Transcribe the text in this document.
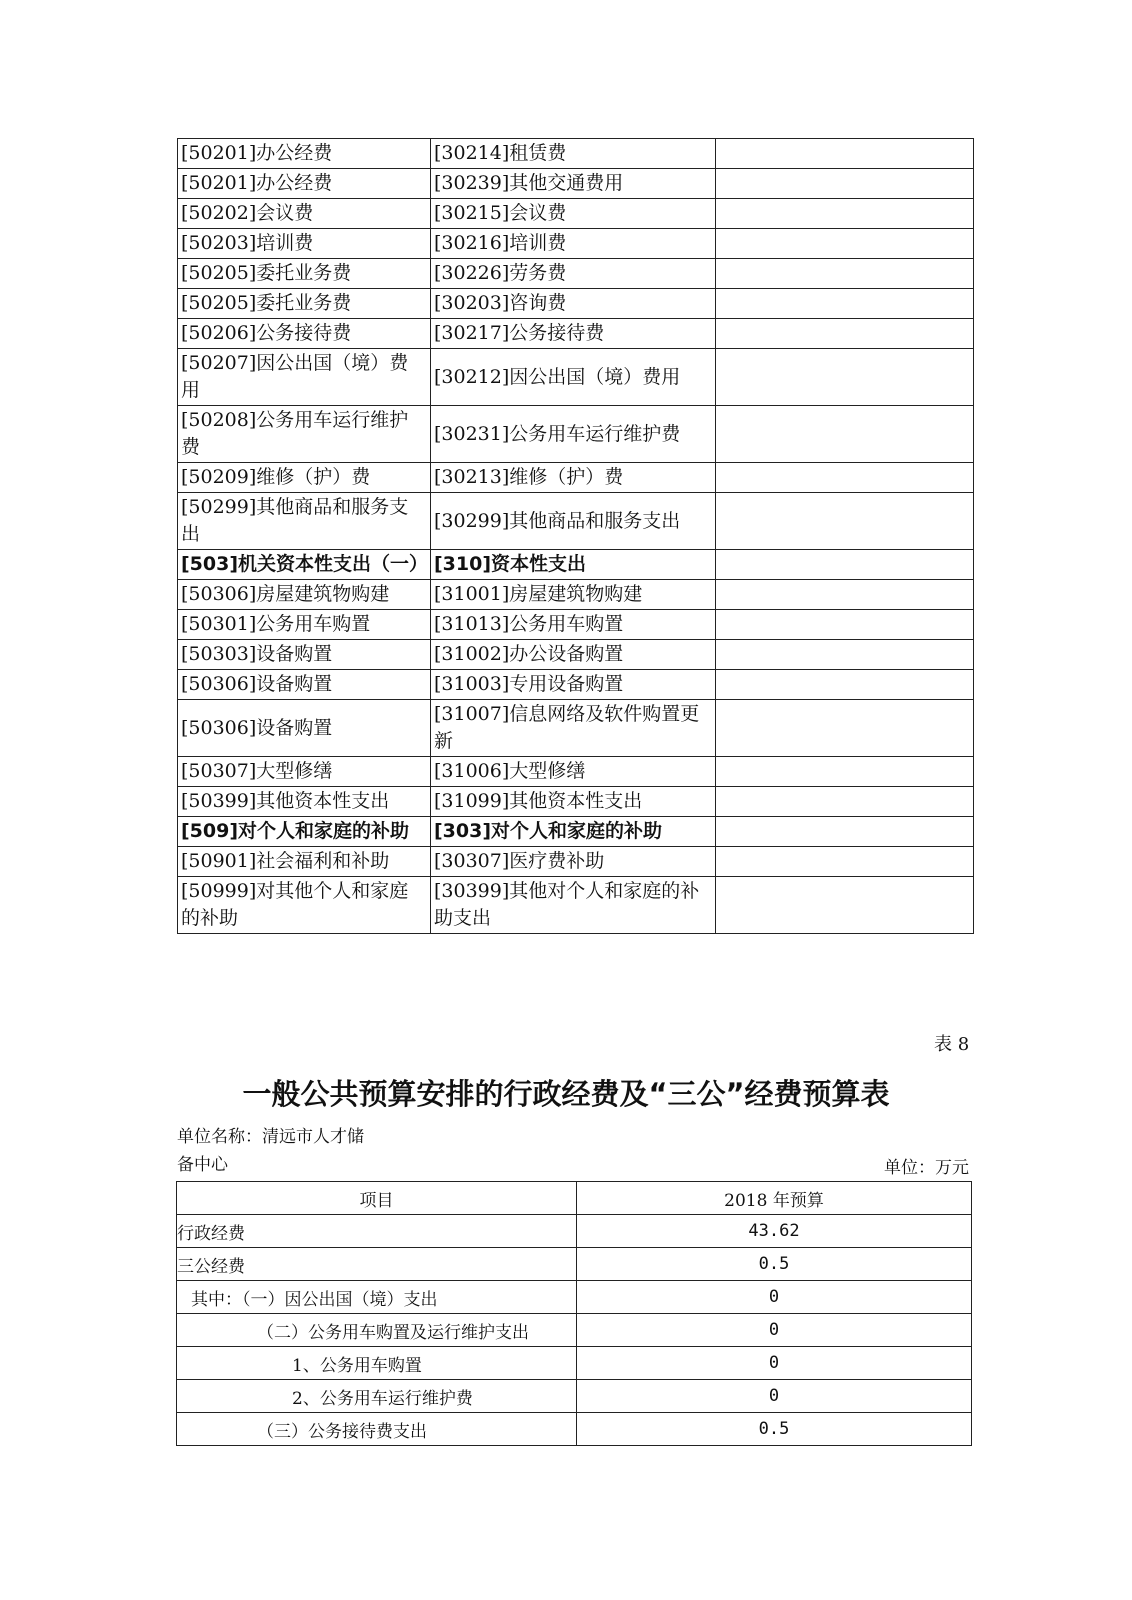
[50201]办公经费	[30214]租赁费	
[50201]办公经费	[30239]其他交通费用	
[50202]会议费	[30215]会议费	
[50203]培训费	[30216]培训费	
[50205]委托业务费	[30226]劳务费	
[50205]委托业务费	[30203]咨询费	
[50206]公务接待费	[30217]公务接待费	
[50207]因公出国（境）费用	[30212]因公出国（境）费用	
[50208]公务用车运行维护费	[30231]公务用车运行维护费	
[50209]维修（护）费	[30213]维修（护）费	
[50299]其他商品和服务支出	[30299]其他商品和服务支出	
[503]机关资本性支出（一）	[310]资本性支出	
[50306]房屋建筑物购建	[31001]房屋建筑物购建	
[50301]公务用车购置	[31013]公务用车购置	
[50303]设备购置	[31002]办公设备购置	
[50306]设备购置	[31003]专用设备购置	
[50306]设备购置	[31007]信息网络及软件购置更新	
[50307]大型修缮	[31006]大型修缮	
[50399]其他资本性支出	[31099]其他资本性支出	
[509]对个人和家庭的补助	[303]对个人和家庭的补助	
[50901]社会福利和补助	[30307]医疗费补助	
[50999]对其他个人和家庭的补助	[30399]其他对个人和家庭的补助支出	
表 8
一般公共预算安排的行政经费及“三公”经费预算表
单位名称：清远市人才储
备中心	单位：万元
项目	2018 年预算
行政经费	43.62
三公经费	0.5
其中：（一）因公出国（境）支出	0
（二）公务用车购置及运行维护支出	0
1、公务用车购置	0
2、公务用车运行维护费	0
（三）公务接待费支出	0.5
